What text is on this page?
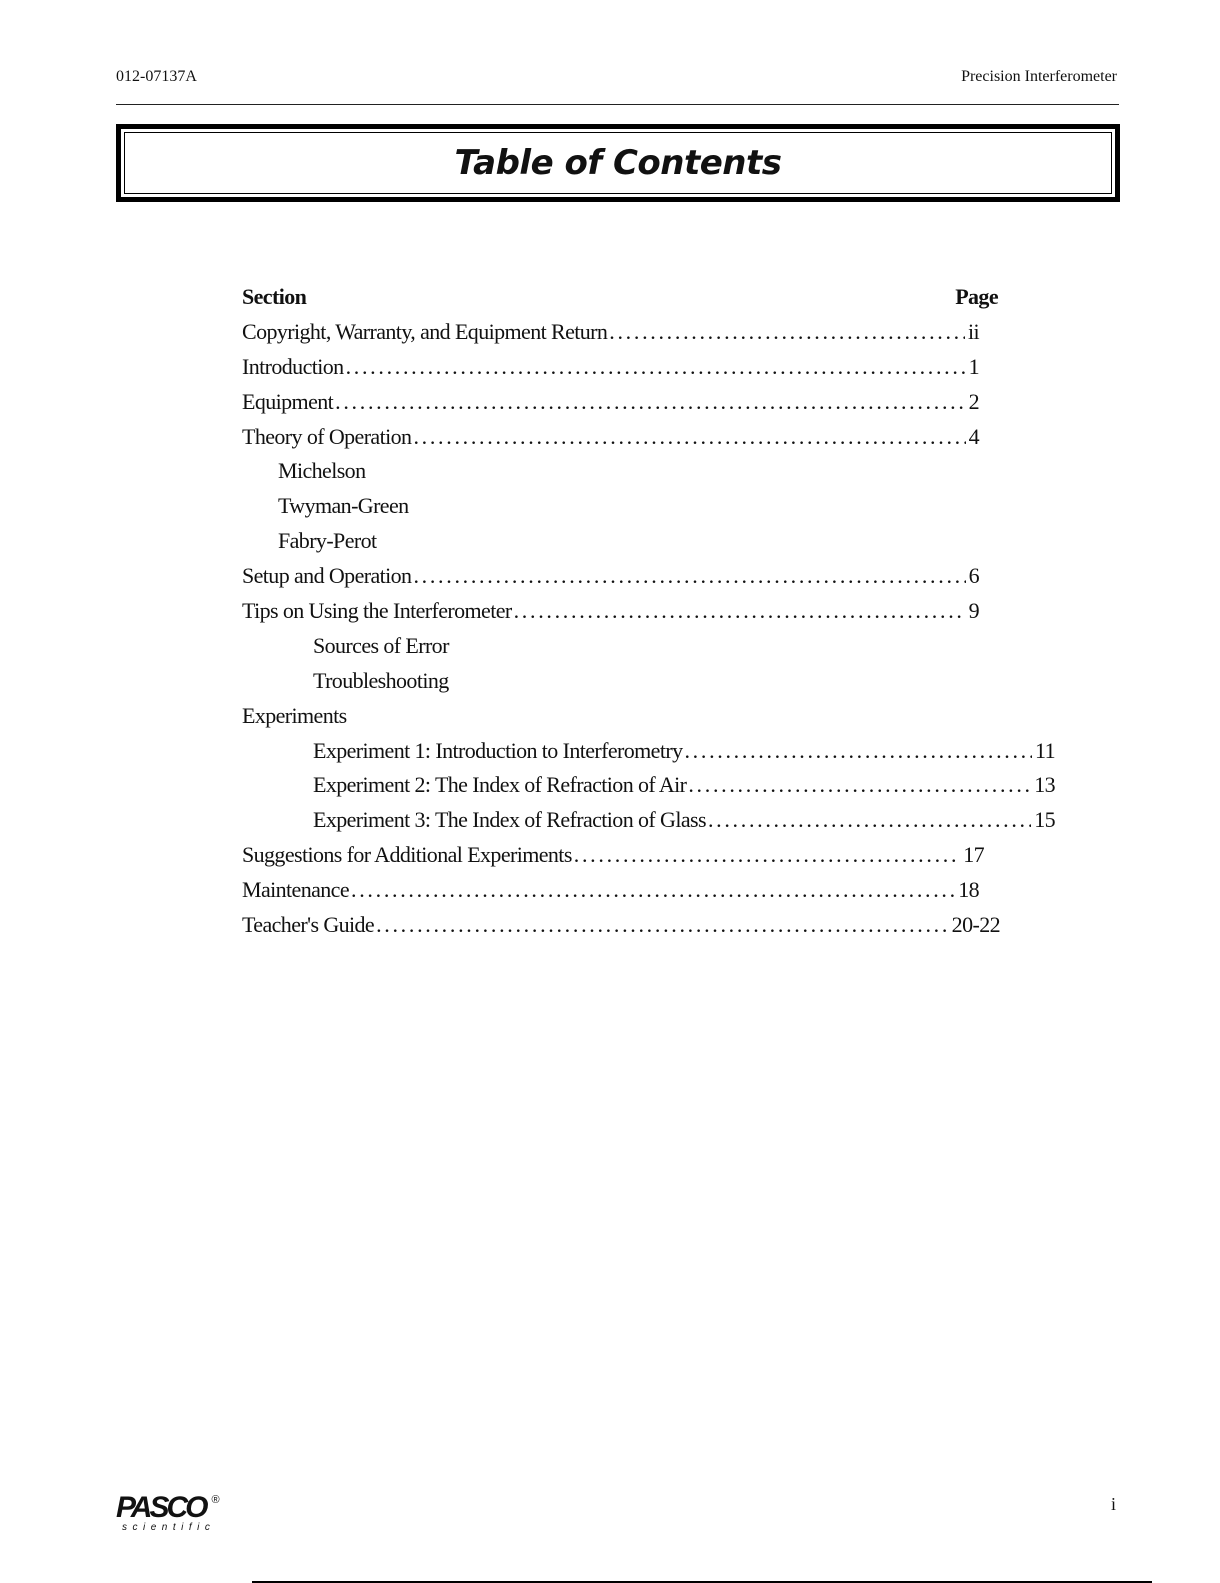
012-07137A	Precision Interferometer
Table of Contents
Section	Page
Copyright, Warranty, and Equipment Return . . .	ii
Introduction . . .	1
Equipment . . .	2
Theory of Operation . . .	4
Michelson
Twyman-Green
Fabry-Perot
Setup and Operation . . .	6
Tips on Using the Interferometer . . .	9
Sources of Error
Troubleshooting
Experiments
Experiment 1: Introduction to Interferometry . . .	11
Experiment 2: The Index of Refraction of Air . . .	13
Experiment 3: The Index of Refraction of Glass . . .	15
Suggestions for Additional Experiments . . .	17
Maintenance . . .	18
Teacher's Guide . . .	20-22
PASCO ®
scientific
i
